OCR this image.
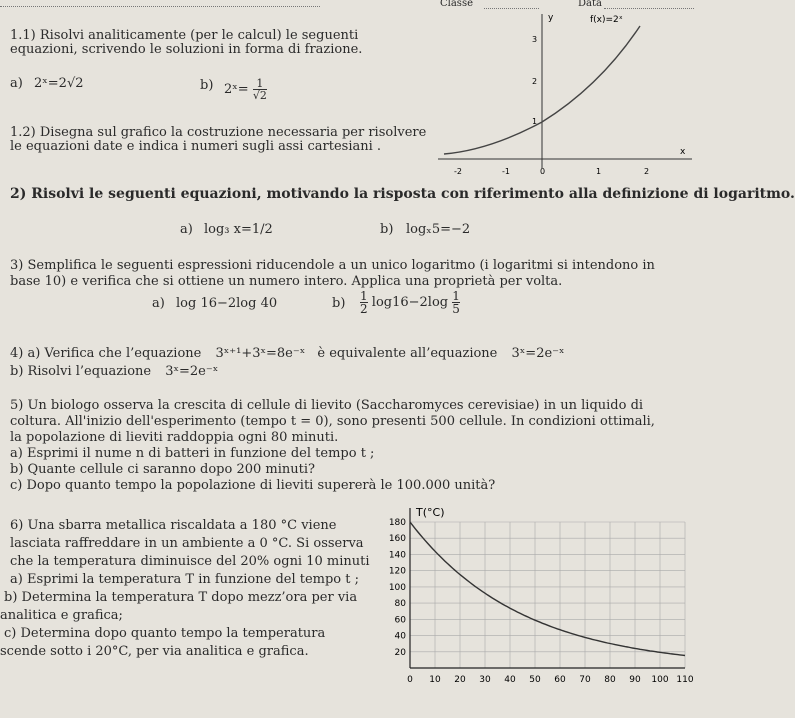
Classe	Data
1.1) Risolvi analiticamente (per le calcul) le seguenti
equazioni, scrivendo le soluzioni in forma di frazione.
a) 2ˣ=2√2	b) 2ˣ= $\frac{1}{√2}$
1.2) Disegna sul grafico la costruzione necessaria per risolvere
le equazioni date e indica i numeri sugli assi cartesiani .
y	f(x)=2ˣ
x
-2	-1	0	1	2
3
2
1
2) Risolvi le seguenti equazioni, motivando la risposta con riferimento alla definizione di logaritmo.
a) log₃ x=1/2	b) logₓ5=−2
3) Semplifica le seguenti espressioni riducendole a un unico logaritmo (i logaritmi si intendono in
base 10) e verifica che si ottiene un numero intero. Applica una proprietà per volta.
a) log 16−2log 40	$b) \frac{1}{2} \log 16-2\log \frac{1}{5}$
4) a) Verifica che l’equazione 3ˣ⁺¹+3ˣ=8e⁻ˣ è equivalente all’equazione 3ˣ=2e⁻ˣ
b) Risolvi l’equazione 3ˣ=2e⁻ˣ
5) Un biologo osserva la crescita di cellule di lievito (Saccharomyces cerevisiae) in un liquido di
coltura. All'inizio dell'esperimento (tempo t = 0), sono presenti 500 cellule. In condizioni ottimali,
la popolazione di lieviti raddoppia ogni 80 minuti.
a) Esprimi il nume n di batteri in funzione del tempo t ;
b) Quante cellule ci saranno dopo 200 minuti?
c) Dopo quanto tempo la popolazione di lieviti supererà le 100.000 unità?
6) Una sbarra metallica riscaldata a 180 °C viene
lasciata raffreddare in un ambiente a 0 °C. Si osserva
che la temperatura diminuisce del 20% ogni 10 minuti
a) Esprimi la temperatura T in funzione del tempo t ;
b) Determina la temperatura T dopo mezz’ora per via
analitica e grafica;
c) Determina dopo quanto tempo la temperatura
scende sotto i 20°C, per via analitica e grafica.
T(°C)
180
160
140
120
100
80
60
40
20
0 10 20 30 40 50 60 70 80 90 100 110
